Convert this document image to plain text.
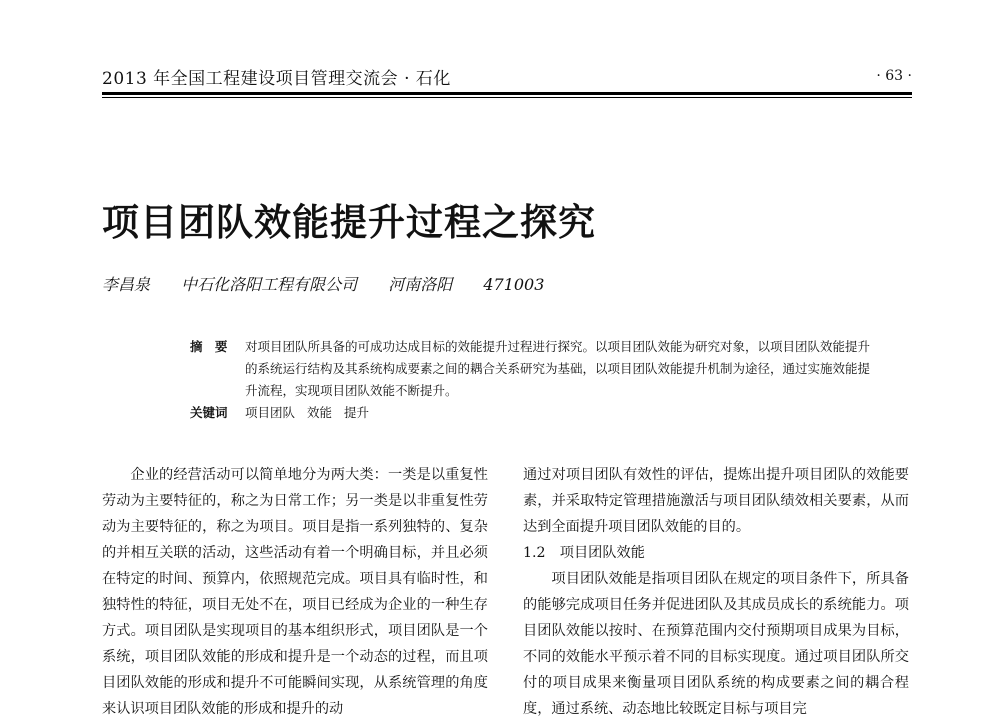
2013 年全国工程建设项目管理交流会 · 石化	· 63 ·
项目团队效能提升过程之探究
李昌泉 中石化洛阳工程有限公司 河南洛阳 471003
摘 要	对项目团队所具备的可成功达成目标的效能提升过程进行探究。以项目团队效能为研究对象，以项目团队效能提升的系统运行结构及其系统构成要素之间的耦合关系研究为基础，以项目团队效能提升机制为途径，通过实施效能提升流程，实现项目团队效能不断提升。
关键词 项目团队 效能 提升

企业的经营活动可以简单地分为两大类：一类是以重复性劳动为主要特征的，称之为日常工作；另一类是以非重复性劳动为主要特征的，称之为项目。项目是指一系列独特的、复杂的并相互关联的活动，这些活动有着一个明确目标，并且必须在特定的时间、预算内，依照规范完成。项目具有临时性，和独特性的特征，项目无处不在，项目已经成为企业的一种生存方式。项目团队是实现项目的基本组织形式，项目团队是一个系统，项目团队效能的形成和提升是一个动态的过程，而且项目团队效能的形成和提升不可能瞬间实现，从系统管理的角度来认识项目团队效能的形成和提升的动

通过对项目团队有效性的评估，提炼出提升项目团队的效能要素，并采取特定管理措施激活与项目团队绩效相关要素，从而达到全面提升项目团队效能的目的。

1.2　项目团队效能

项目团队效能是指项目团队在规定的项目条件下，所具备的能够完成项目任务并促进团队及其成员成长的系统能力。项目团队效能以按时、在预算范围内交付预期项目成果为目标，不同的效能水平预示着不同的目标实现度。通过项目团队所交付的项目成果来衡量项目团队系统的构成要素之间的耦合程度，通过系统、动态地比较既定目标与项目完
